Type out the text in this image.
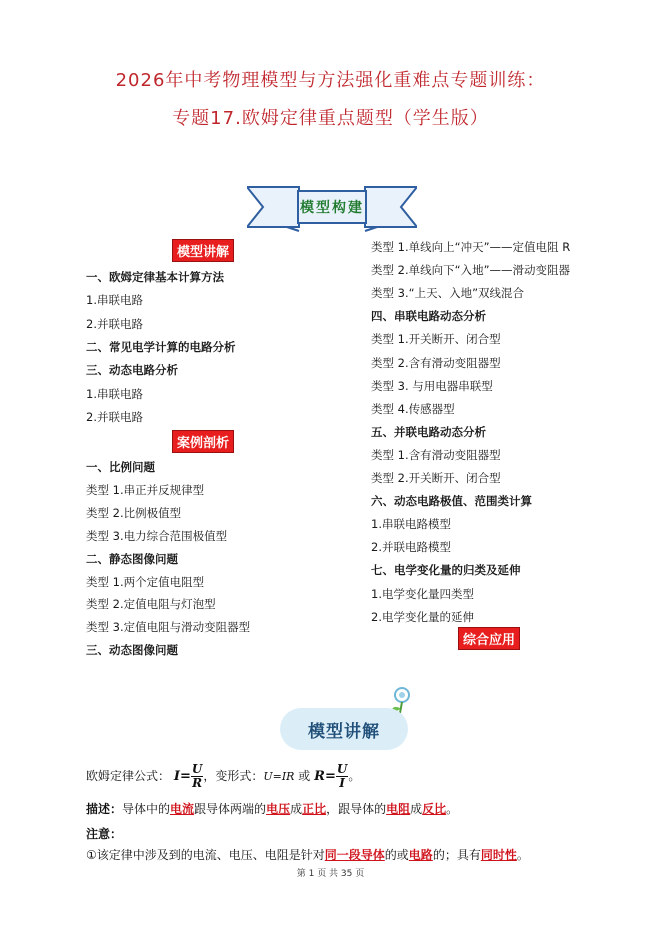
2026年中考物理模型与方法强化重难点专题训练：
专题17.欧姆定律重点题型（学生版）
模型构建
模型讲解
一、欧姆定律基本计算方法
1.串联电路
2.并联电路
二、常见电学计算的电路分析
三、动态电路分析
1.串联电路
2.并联电路
案例剖析
一、比例问题
类型 1.串正并反规律型
类型 2.比例极值型
类型 3.电力综合范围极值型
二、静态图像问题
类型 1.两个定值电阻型
类型 2.定值电阻与灯泡型
类型 3.定值电阻与滑动变阻器型
三、动态图像问题
类型 1.单线向上“冲天”——定值电阻 R
类型 2.单线向下“入地”——滑动变阻器
类型 3.“上天、入地”双线混合
四、串联电路动态分析
类型 1.开关断开、闭合型
类型 2.含有滑动变阻器型
类型 3. 与用电器串联型
类型 4.传感器型
五、并联电路动态分析
类型 1.含有滑动变阻器型
类型 2.开关断开、闭合型
六、动态电路极值、范围类计算
1.串联电路模型
2.并联电路模型
七、电学变化量的归类及延伸
1.电学变化量四类型
2.电学变化量的延伸
综合应用
模型讲解
欧姆定律公式： $I= \frac{U}{R}$ ，变形式：U=IR 或 $R= \frac{U}{I}$ 。
描述：导体中的电流跟导体两端的电压成正比，跟导体的电阻成反比。
注意：
①该定律中涉及到的电流、电压、电阻是针对同一段导体的或电路的；具有同时性。
第 1 页 共 35 页
